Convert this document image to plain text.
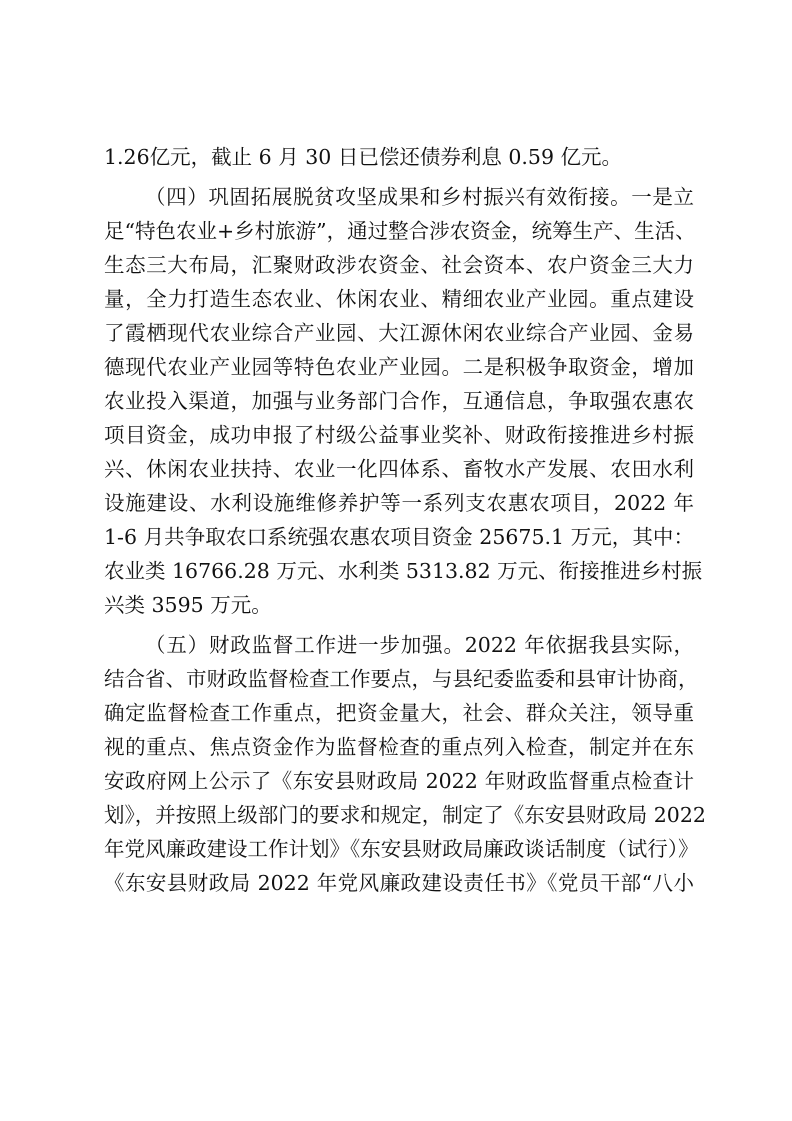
1.26亿元，截止 6 月 30 日已偿还债券利息 0.59 亿元。
（四）巩固拓展脱贫攻坚成果和乡村振兴有效衔接。一是立
足“特色农业+乡村旅游”，通过整合涉农资金，统筹生产、生活、
生态三大布局，汇聚财政涉农资金、社会资本、农户资金三大力
量，全力打造生态农业、休闲农业、精细农业产业园。重点建设
了霞栖现代农业综合产业园、大江源休闲农业综合产业园、金易
德现代农业产业园等特色农业产业园。二是积极争取资金，增加
农业投入渠道，加强与业务部门合作，互通信息，争取强农惠农
项目资金，成功申报了村级公益事业奖补、财政衔接推进乡村振
兴、休闲农业扶持、农业一化四体系、畜牧水产发展、农田水利
设施建设、水利设施维修养护等一系列支农惠农项目，2022 年
1-6 月共争取农口系统强农惠农项目资金 25675.1 万元，其中：
农业类 16766.28 万元、水利类 5313.82 万元、衔接推进乡村振
兴类 3595 万元。
（五）财政监督工作进一步加强。2022 年依据我县实际，
结合省、市财政监督检查工作要点，与县纪委监委和县审计协商，
确定监督检查工作重点，把资金量大，社会、群众关注，领导重
视的重点、焦点资金作为监督检查的重点列入检查，制定并在东
安政府网上公示了《东安县财政局 2022 年财政监督重点检查计
划》，并按照上级部门的要求和规定，制定了《东安县财政局 2022
年党风廉政建设工作计划》《东安县财政局廉政谈话制度（试行）》
《东安县财政局 2022 年党风廉政建设责任书》《党员干部“八小
